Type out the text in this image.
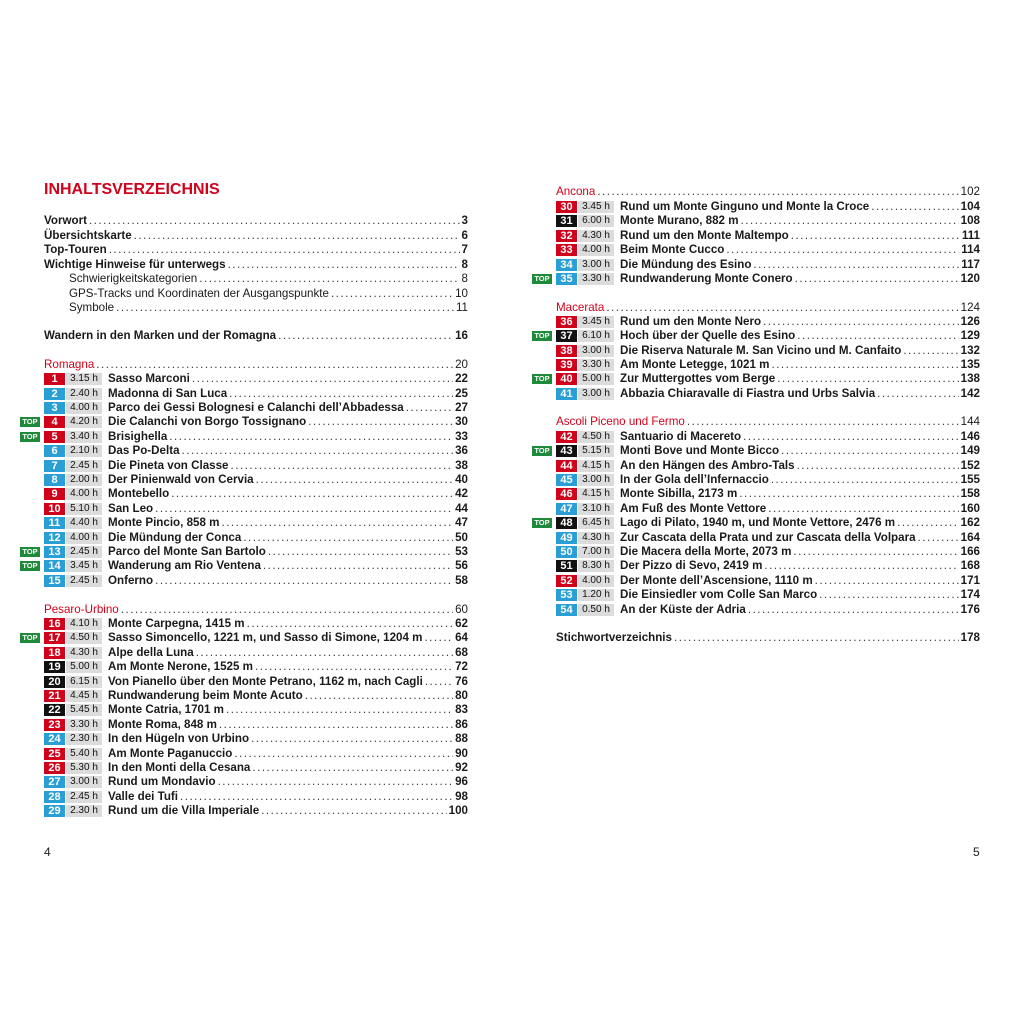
INHALTSVERZEICHNIS
Vorwort .....	3
Übersichtskarte .....	6
Top-Touren .....	7
Wichtige Hinweise für unterwegs .....	8
Schwierigkeitskategorien .....	8
GPS-Tracks und Koordinaten der Ausgangspunkte .....	10
Symbole .....	11
Wandern in den Marken und der Romagna .....	16
Romagna .....	20
1	3.15 h Sasso Marconi .....	22
2	2.40 h Madonna di San Luca .....	25
3	4.00 h Parco dei Gessi Bolognesi e Calanchi dell’Abbadessa .....	27
TOP	4	4.20 h Die Calanchi von Borgo Tossignano .....	30
TOP	5	3.40 h Brisighella .....	33
6	2.10 h Das Po-Delta .....	36
7	2.45 h Die Pineta von Classe .....	38
8	2.00 h Der Pinienwald von Cervia .....	40
9	4.00 h Montebello .....	42
10 5.10 h San Leo .....	44
11 4.40 h Monte Pincio, 858 m .....	47
12 4.00 h Die Mündung der Conca .....	50
TOP 13 2.45 h Parco del Monte San Bartolo .....	53
TOP 14 3.45 h Wanderung am Rio Ventena .....	56
15 2.45 h Onferno .....	58
Pesaro-Urbino .....	60
16 4.10 h Monte Carpegna, 1415 m .....	62
TOP 17 4.50 h Sasso Simoncello, 1221 m, und Sasso di Simone, 1204 m .....	64
18 4.30 h Alpe della Luna .....	68
19 5.00 h Am Monte Nerone, 1525 m .....	72
20 6.15 h Von Pianello über den Monte Petrano, 1162 m, nach Cagli .....	76
21 4.45 h Rundwanderung beim Monte Acuto .....	80
22 5.45 h Monte Catria, 1701 m .....	83
23 3.30 h Monte Roma, 848 m .....	86
24 2.30 h In den Hügeln von Urbino .....	88
25 5.40 h Am Monte Paganuccio .....	90
26 5.30 h In den Monti della Cesana .....	92
27 3.00 h Rund um Mondavio .....	96
28 2.45 h Valle dei Tufi .....	98
29 2.30 h Rund um die Villa Imperiale .....	100
Ancona .....	102
30 3.45 h Rund um Monte Ginguno und Monte la Croce .....	104
31 6.00 h Monte Murano, 882 m .....	108
32 4.30 h Rund um den Monte Maltempo .....	111
33 4.00 h Beim Monte Cucco .....	114
34 3.00 h Die Mündung des Esino .....	117
TOP 35 3.30 h Rundwanderung Monte Conero .....	120
Macerata .....	124
36 3.45 h Rund um den Monte Nero .....	126
TOP 37 6.10 h Hoch über der Quelle des Esino .....	129
38 3.00 h Die Riserva Naturale M. San Vicino und M. Canfaito .....	132
39 3.30 h Am Monte Letegge, 1021 m .....	135
TOP 40 5.00 h Zur Muttergottes vom Berge .....	138
41 3.00 h Abbazia Chiaravalle di Fiastra und Urbs Salvia .....	142
Ascoli Piceno und Fermo .....	144
42 4.50 h Santuario di Macereto .....	146
TOP 43 5.15 h Monti Bove und Monte Bicco .....	149
44 4.15 h An den Hängen des Ambro-Tals .....	152
45 3.00 h In der Gola dell’Infernaccio .....	155
46 4.15 h Monte Sibilla, 2173 m .....	158
47 3.10 h Am Fuß des Monte Vettore .....	160
TOP 48 6.45 h Lago di Pilato, 1940 m, und Monte Vettore, 2476 m .....	162
49 4.30 h Zur Cascata della Prata und zur Cascata della Volpara .....	164
50 7.00 h Die Macera della Morte, 2073 m .....	166
51 8.30 h Der Pizzo di Sevo, 2419 m .....	168
52 4.00 h Der Monte dell’Ascensione, 1110 m .....	171
53 1.20 h Die Einsiedler vom Colle San Marco .....	174
54 0.50 h An der Küste der Adria .....	176
Stichwortverzeichnis .....	178
4	5
